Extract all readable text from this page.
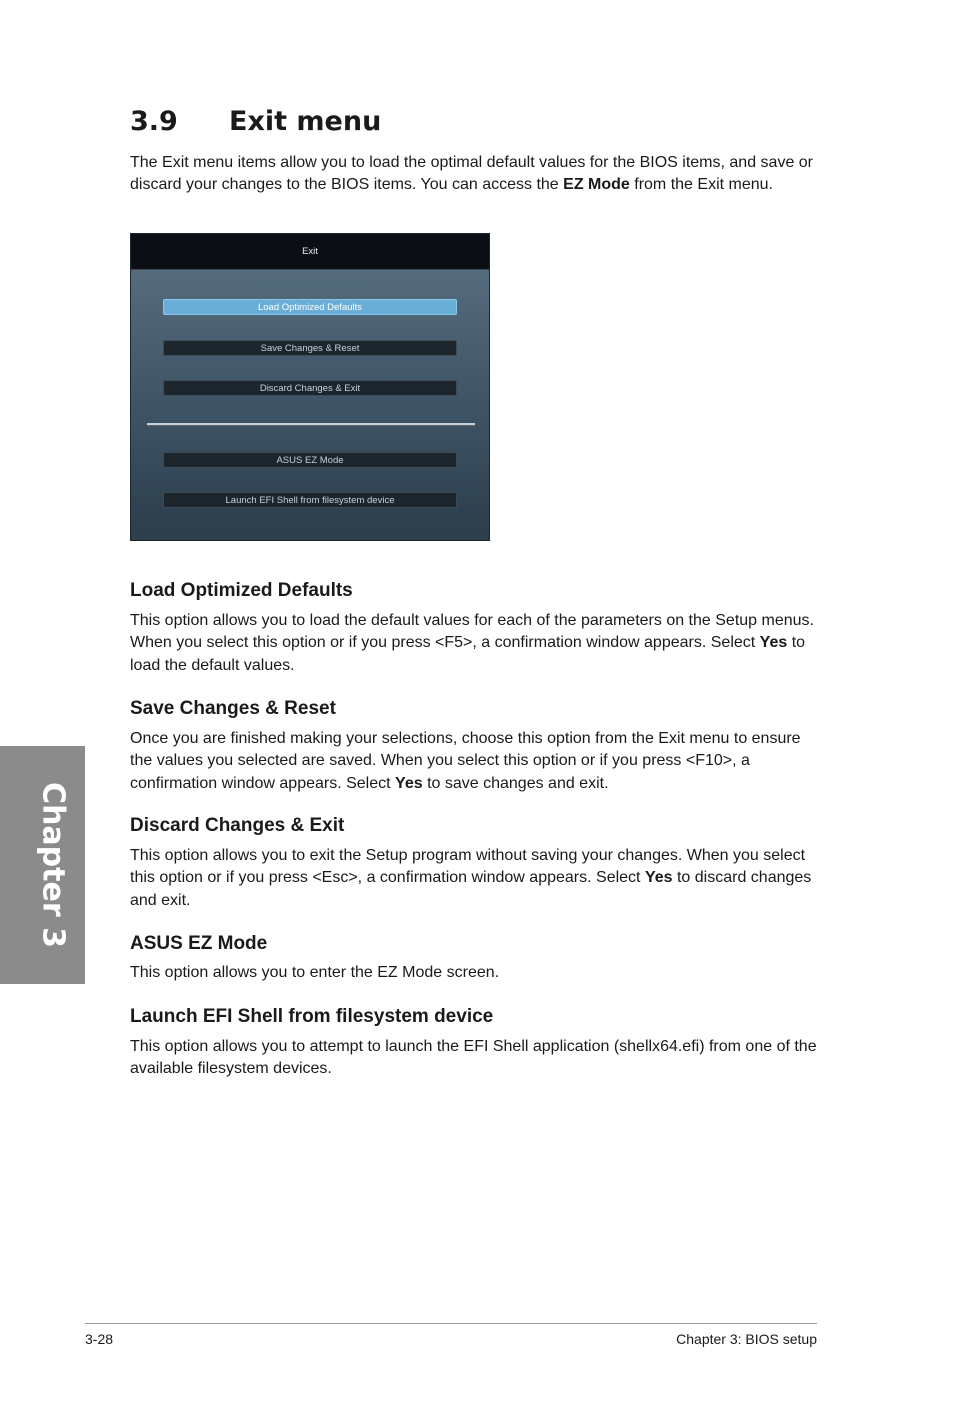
3.9 Exit menu

The Exit menu items allow you to load the optimal default values for the BIOS items, and save or discard your changes to the BIOS items. You can access the EZ Mode from the Exit menu.

Exit
Load Optimized Defaults
Save Changes & Reset
Discard Changes & Exit
ASUS EZ Mode
Launch EFI Shell from filesystem device
Load Optimized Defaults

This option allows you to load the default values for each of the parameters on the Setup menus. When you select this option or if you press <F5>, a confirmation window appears. Select Yes to load the default values.

Save Changes & Reset

Once you are finished making your selections, choose this option from the Exit menu to ensure the values you selected are saved. When you select this option or if you press <F10>, a confirmation window appears. Select Yes to save changes and exit.

Discard Changes & Exit

This option allows you to exit the Setup program without saving your changes. When you select this option or if you press <Esc>, a confirmation window appears. Select Yes to discard changes and exit.

ASUS EZ Mode

This option allows you to enter the EZ Mode screen.

Launch EFI Shell from filesystem device

This option allows you to attempt to launch the EFI Shell application (shellx64.efi) from one of the available filesystem devices.

Chapter 3
3-28	Chapter 3: BIOS setup
